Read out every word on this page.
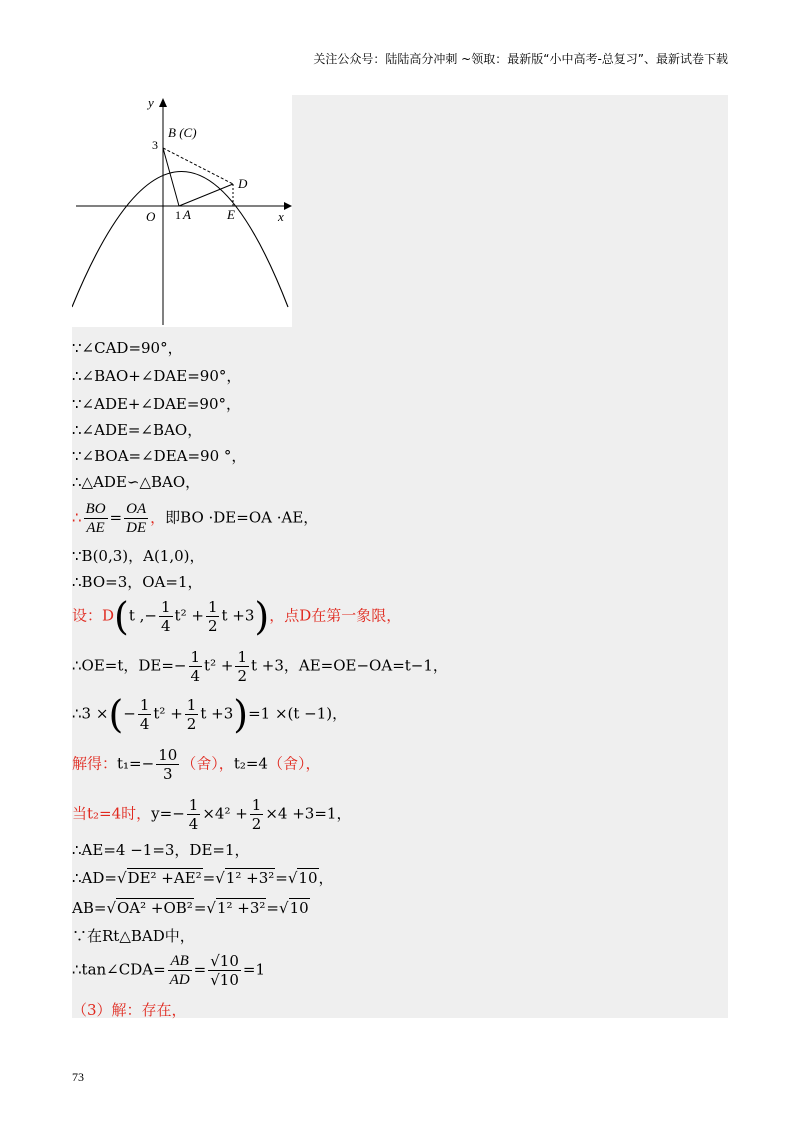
关注公众号：陆陆高分冲刺 ~领取：最新版“小中高考-总复习”、最新试卷下载
y
x
O
3
1
B (C)
A
D
E
∵∠CAD=90°，
∴∠BAO+∠DAE=90°，
∵∠ADE+∠DAE=90°，
∴∠ADE=∠BAO，
∵∠BOA=∠DEA=90 °，
∴△ADE∽△BAO，
∴ $\frac{BO}{AE} = \frac{OA}{DE}$ ，即BO ·DE=OA ·AE，
∵B(0,3)，A(1,0)，
∴BO=3，OA=1，
设：D(t ,− $\frac{1}{4} t^2 + \frac{1}{2}$ t +3)，点D在第一象限，
∴OE=t，$DE=- \frac{1}{4} t^2 + \frac{1}{2}$ t +3，AE=OE−OA=t−1，
∴3 ×(− $\frac{1}{4} t^2 + \frac{1}{2}$ t +3)=1 ×(t −1)，
解得：$t_1=- \frac{10}{3}$ （舍），t₂=4（舍），
当t₂=4时，$y=- \frac{1}{4} \times 4^2 + \frac{1}{2} \times 4 +3=1$，
∴AE=4 −1=3，DE=1，
∴AD=√DE² +AE²=√1² +3²=√10，
AB=√OA² +OB²=√1² +3²=√10
∵在Rt△BAD中，
∴tan∠CDA= $\frac{AB}{AD} = \frac{√10}{√10} =1$
（3）解：存在，
73
